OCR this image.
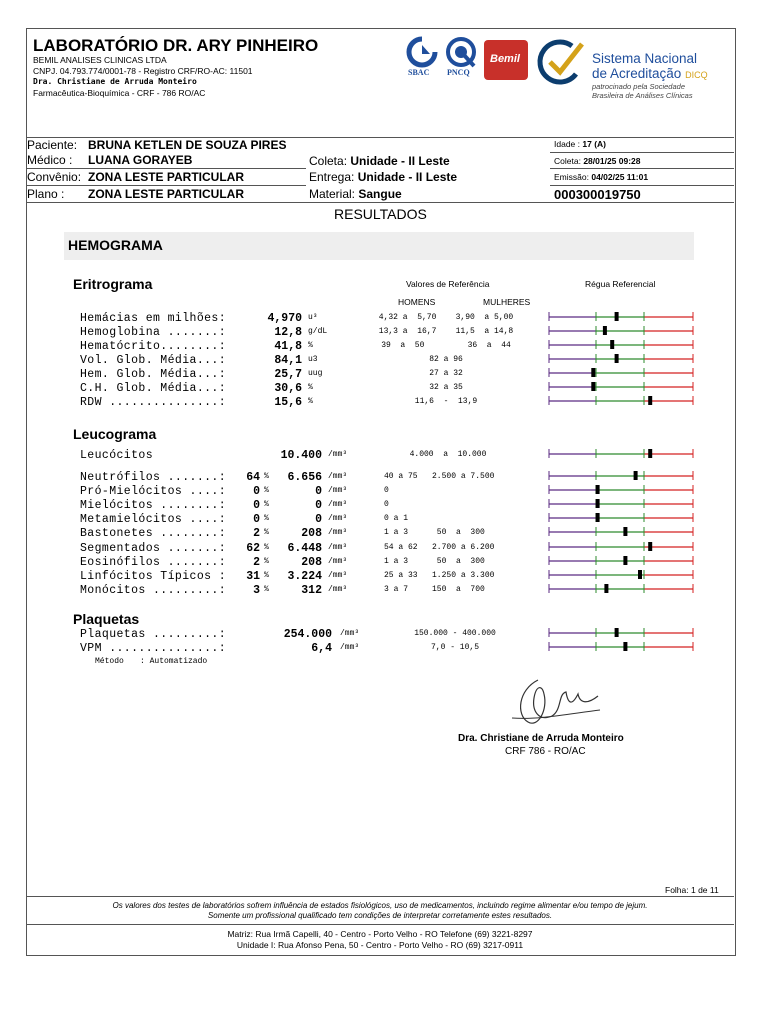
LABORATÓRIO DR. ARY PINHEIRO
BEMIL ANALISES CLINICAS LTDA
CNPJ. 04.793.774/0001-78 - Registro CRF/RO-AC: 11501
Dra. Christiane de Arruda Monteiro
Farmacêutica-Bioquímica - CRF - 786 RO/AC
SBAC PNCQ
Bemil	Sistema Nacional
de Acreditação DICQ
patrocinado pela Sociedade
Brasileira de Análises Clínicas
Paciente: BRUNA KETLEN DE SOUZA PIRES
Médico : LUANA GORAYEB
Convênio: ZONA LESTE PARTICULAR
Plano : ZONA LESTE PARTICULAR
Coleta: Unidade - II Leste
Entrega: Unidade - II Leste
Material: Sangue
Idade : 17 (A)
Coleta: 28/01/25 09:28
Emissão: 04/02/25 11:01
000300019750
RESULTADOS
HEMOGRAMA
Eritrograma	Valores de Referência	Régua Referencial
HOMENS	MULHERES
Hemácias em milhões:	4,970 u³	4,32 a  5,70    3,90  a 5,00
Hemoglobina .......:	12,8 g/dL	13,3 a  16,7    11,5  a 14,8
Hematócrito........:	41,8 %	39  a  50         36  a  44
Vol. Glob. Média...:	84,1 u3	82 a 96
Hem. Glob. Média...:	25,7 uug	27 a 32
C.H. Glob. Média...:	30,6 %	32 a 35
RDW ...............:	15,6 %	11,6  -  13,9
Leucograma
Leucócitos	10.400 /mm³	4.000  a  10.000
Neutrófilos .......:	64 %	6.656 /mm³	40 a 75   2.500 a 7.500
Pró-Mielócitos ....:	0 %	0 /mm³	0
Mielócitos ........:	0 %	0 /mm³	0
Metamielócitos ....:	0 %	0 /mm³	0 a 1
Bastonetes ........:	2 %	208 /mm³	1 a 3      50  a  300
Segmentados .......:	62 %	6.448 /mm³	54 a 62   2.700 a 6.200
Eosinófilos .......:	2 %	208 /mm³	1 a 3      50  a  300
Linfócitos Típicos :	31 %	3.224 /mm³	25 a 33   1.250 a 3.300
Monócitos .........:	3 %	312 /mm³	3 a 7     150  a  700
Plaquetas
Plaquetas .........:	254.000 /mm³	150.000 - 400.000
VPM ...............:	6,4 /mm³	7,0 - 10,5
Método : Automatizado
Dra. Christiane de Arruda Monteiro
CRF 786 - RO/AC
Folha: 1 de 11
Os valores dos testes de laboratórios sofrem influência de estados fisiológicos, uso de medicamentos, incluindo regime alimentar e/ou tempo de jejum.
Somente um profissional qualificado tem condições de interpretar corretamente estes resultados.
Matriz: Rua Irmã Capelli, 40 - Centro - Porto Velho - RO Telefone (69) 3221-8297
Unidade I: Rua Afonso Pena, 50 - Centro - Porto Velho - RO (69) 3217-0911
